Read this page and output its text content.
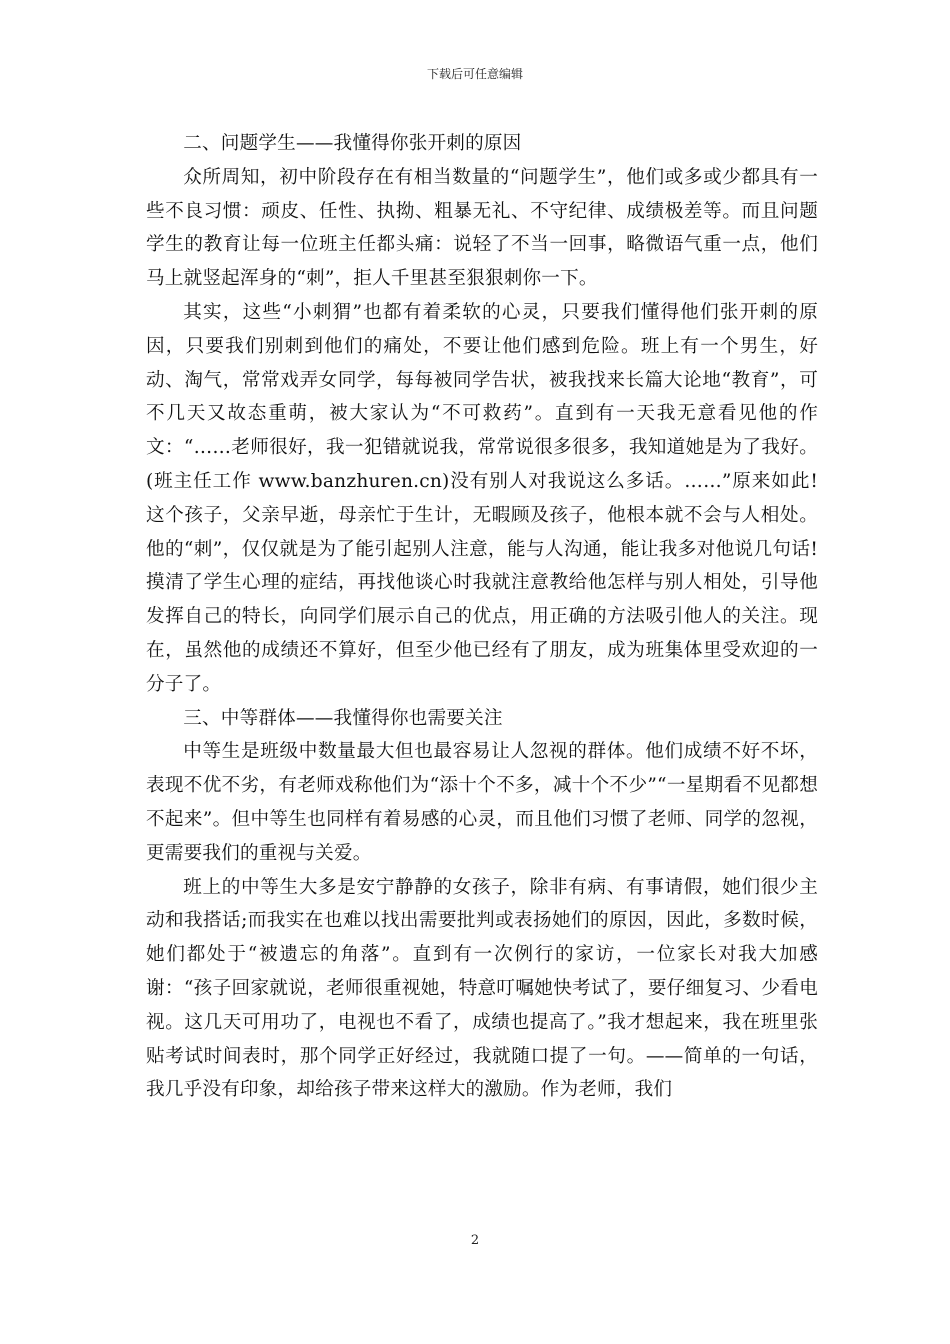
下载后可任意编辑

二、问题学生——我懂得你张开刺的原因

众所周知，初中阶段存在有相当数量的“问题学生”，他们或多或少都具有一些不良习惯：顽皮、任性、执拗、粗暴无礼、不守纪律、成绩极差等。而且问题学生的教育让每一位班主任都头痛：说轻了不当一回事，略微语气重一点，他们马上就竖起浑身的“刺”，拒人千里甚至狠狠刺你一下。

其实，这些“小刺猬”也都有着柔软的心灵，只要我们懂得他们张开刺的原因，只要我们别刺到他们的痛处，不要让他们感到危险。班上有一个男生，好动、淘气，常常戏弄女同学，每每被同学告状，被我找来长篇大论地“教育”，可不几天又故态重萌，被大家认为“不可救药”。直到有一天我无意看见他的作文：“……老师很好，我一犯错就说我，常常说很多很多，我知道她是为了我好。(班主任工作 www.banzhuren.cn)没有别人对我说这么多话。……”原来如此!这个孩子，父亲早逝，母亲忙于生计，无暇顾及孩子，他根本就不会与人相处。他的“刺”，仅仅就是为了能引起别人注意，能与人沟通，能让我多对他说几句话!摸清了学生心理的症结，再找他谈心时我就注意教给他怎样与别人相处，引导他发挥自己的特长，向同学们展示自己的优点，用正确的方法吸引他人的关注。现在，虽然他的成绩还不算好，但至少他已经有了朋友，成为班集体里受欢迎的一分子了。

三、中等群体——我懂得你也需要关注

中等生是班级中数量最大但也最容易让人忽视的群体。他们成绩不好不坏，表现不优不劣，有老师戏称他们为“添十个不多，减十个不少”“一星期看不见都想不起来”。但中等生也同样有着易感的心灵，而且他们习惯了老师、同学的忽视，更需要我们的重视与关爱。

班上的中等生大多是安宁静静的女孩子，除非有病、有事请假，她们很少主动和我搭话;而我实在也难以找出需要批判或表扬她们的原因，因此，多数时候，她们都处于“被遗忘的角落”。直到有一次例行的家访，一位家长对我大加感谢：“孩子回家就说，老师很重视她，特意叮嘱她快考试了，要仔细复习、少看电视。这几天可用功了，电视也不看了，成绩也提高了。”我才想起来，我在班里张贴考试时间表时，那个同学正好经过，我就随口提了一句。——简单的一句话，我几乎没有印象，却给孩子带来这样大的激励。作为老师，我们

2
